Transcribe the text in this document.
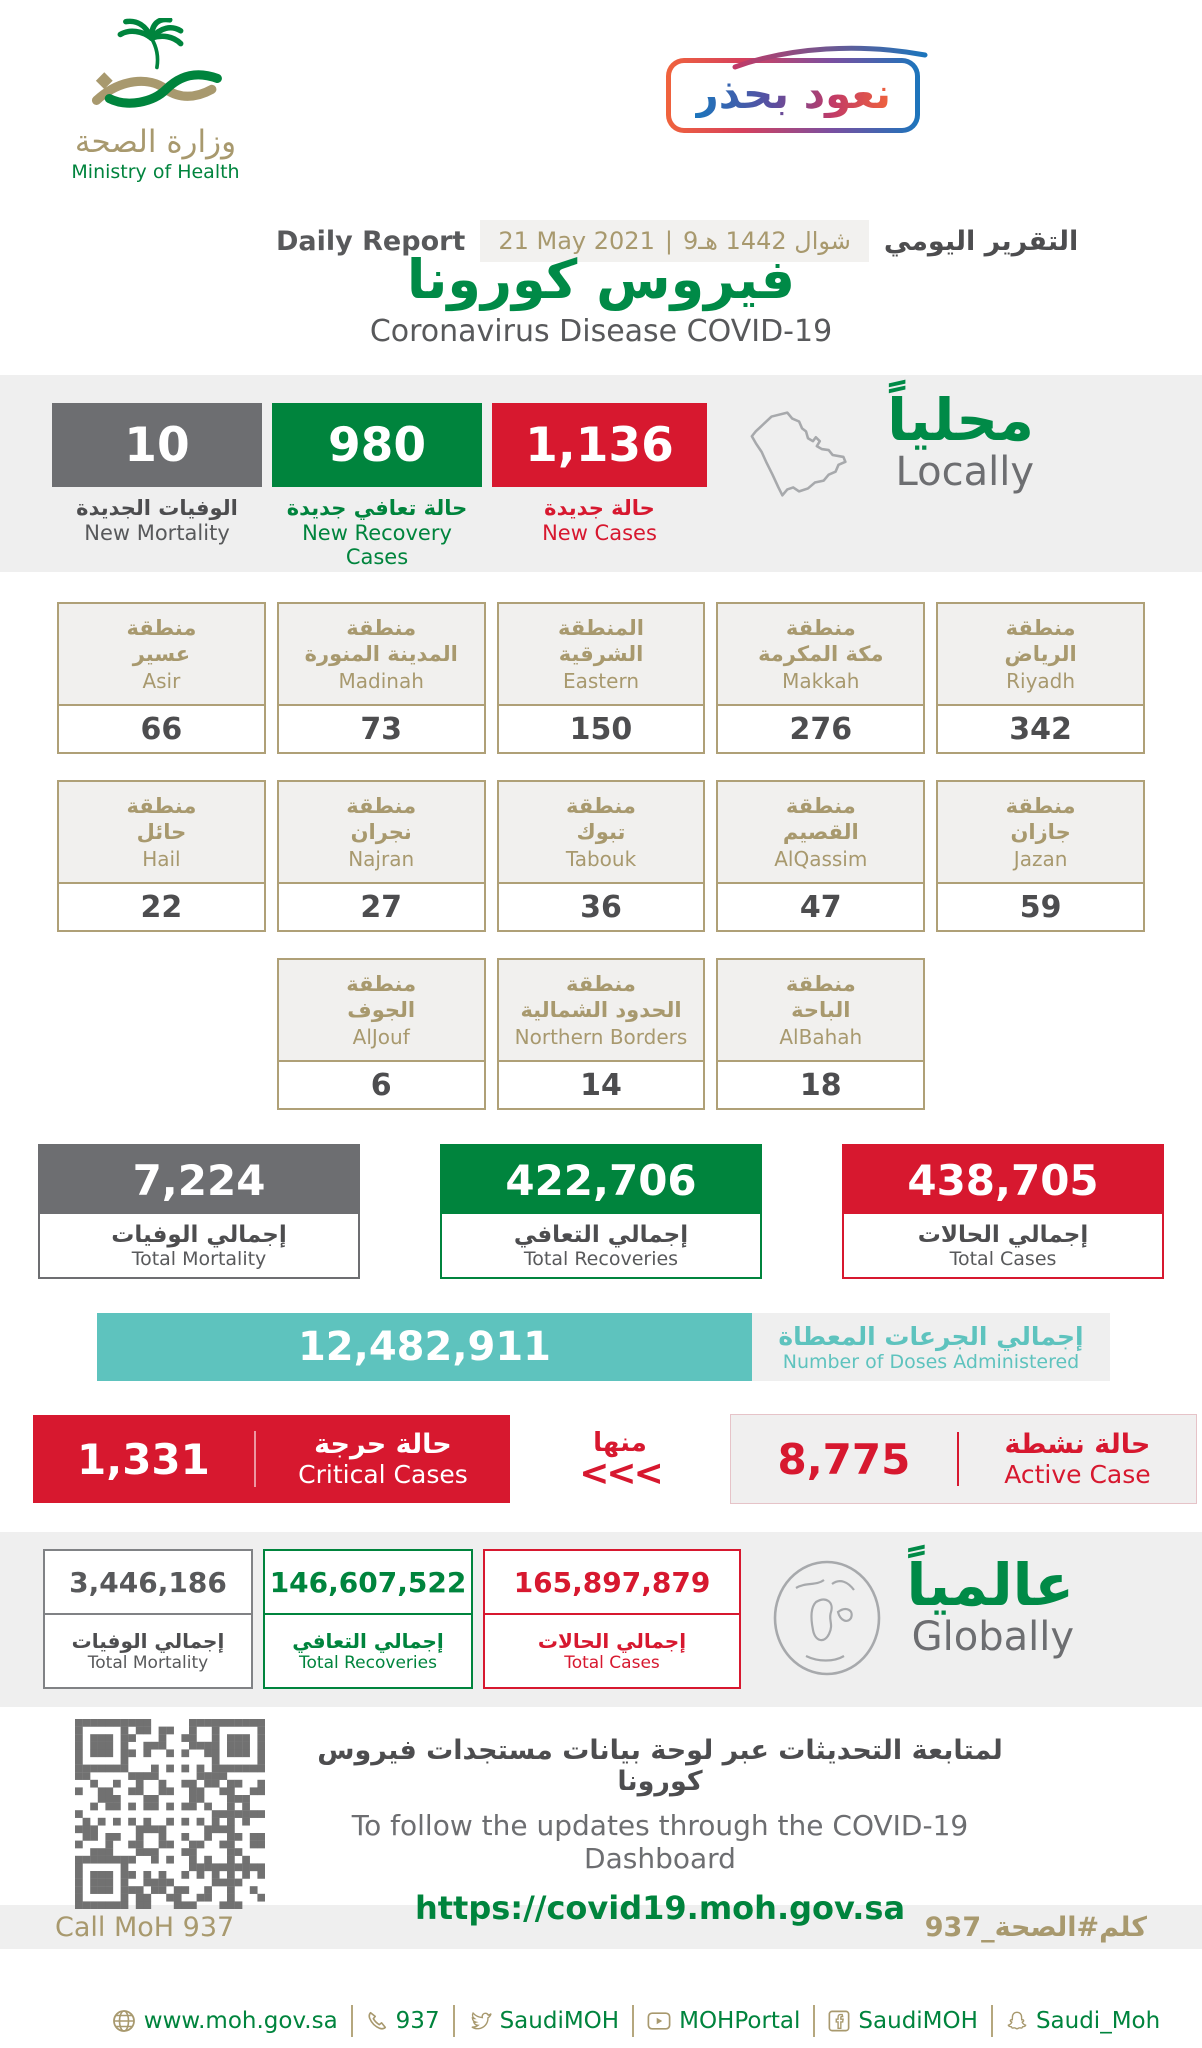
وزارة الصحة
Ministry of Health
نعود بحذر
Daily Report 21 May 2021 | 9شوال 1442 هـ التقرير اليومي
فيروس كورونا
Coronavirus Disease COVID-19
10
الوفيات الجديدة
New Mortality
980
حالة تعافي جديدة
New Recovery Cases
1,136
حالة جديدة
New Cases
محلياً
Locally
منطقة
عسير
Asir
66
منطقة
المدينة المنورة
Madinah
73
المنطقة
الشرقية
Eastern
150
منطقة
مكة المكرمة
Makkah
276
منطقة
الرياض
Riyadh
342
منطقة
حائل
Hail
22
منطقة
نجران
Najran
27
منطقة
تبوك
Tabouk
36
منطقة
القصيم
AlQassim
47
منطقة
جازان
Jazan
59
منطقة
الجوف
AlJouf
6
منطقة
الحدود الشمالية
Northern Borders
14
منطقة
الباحة
AlBahah
18
7,224
إجمالي الوفيات
Total Mortality
422,706
إجمالي التعافي
Total Recoveries
438,705
إجمالي الحالات
Total Cases
12,482,911	إجمالي الجرعات المعطاة
Number of Doses Administered
1,331	حالة حرجة
Critical Cases
منها
<<<	8,775	حالة نشطة
Active Case
3,446,186
إجمالي الوفيات
Total Mortality
146,607,522
إجمالي التعافي
Total Recoveries
165,897,879
إجمالي الحالات
Total Cases
عالمياً
Globally
لمتابعة التحديثات عبر لوحة بيانات مستجدات فيروس كورونا
To follow the updates through the COVID-19 Dashboard
https://covid19.moh.gov.sa
Call MoH 937	كلم#الصحة_937
www.moh.gov.sa	937	SaudiMOH	MOHPortal	SaudiMOH	Saudi_Moh
